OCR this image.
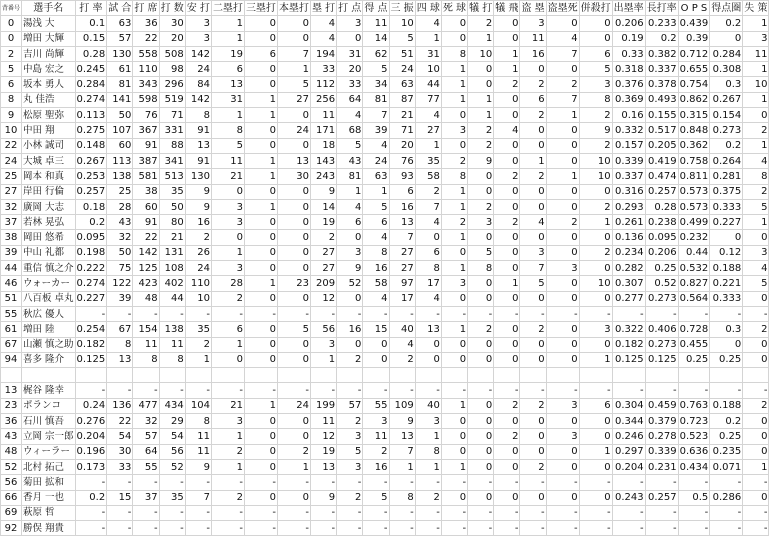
背番号	選手名	打 率	試 合	打 席	打 数	安 打	二塁打	三塁打	本塁打	塁 打	打 点	得 点	三 振	四 球	死 球	犠 打	犠 飛	盗 塁	盗塁死	併殺打	出塁率	長打率	O P S	得点圏	失 策
0	湯浅 大	0.1	63	36	30	3	1	0	0	4	3	11	10	4	0	2	0	3	0	0	0.206	0.233	0.439	0.2	1
0	増田 大輝	0.15	57	22	20	3	1	0	0	4	0	14	5	1	0	1	0	11	4	0	0.19	0.2	0.39	0	3
2	吉川 尚輝	0.28	130	558	508	142	19	6	7	194	31	62	51	31	8	10	1	16	7	6	0.33	0.382	0.712	0.284	11
5	中島 宏之	0.245	61	110	98	24	6	0	1	33	20	5	24	10	1	0	1	0	0	5	0.318	0.337	0.655	0.308	1
6	坂本 勇人	0.284	81	343	296	84	13	0	5	112	33	34	63	44	1	0	2	2	2	3	0.376	0.378	0.754	0.3	10
8	丸 佳浩	0.274	141	598	519	142	31	1	27	256	64	81	87	77	1	1	0	6	7	8	0.369	0.493	0.862	0.267	1
9	松原 聖弥	0.113	50	76	71	8	1	1	0	11	4	7	21	4	0	1	0	2	1	2	0.16	0.155	0.315	0.154	0
10	中田 翔	0.275	107	367	331	91	8	0	24	171	68	39	71	27	3	2	4	0	0	9	0.332	0.517	0.848	0.273	2
22	小林 誠司	0.148	60	91	88	13	5	0	0	18	5	4	20	1	0	2	0	0	0	2	0.157	0.205	0.362	0.2	1
24	大城 卓三	0.267	113	387	341	91	11	1	13	143	43	24	76	35	2	9	0	1	0	10	0.339	0.419	0.758	0.264	4
25	岡本 和真	0.253	138	581	513	130	21	1	30	243	81	63	93	58	8	0	2	2	1	10	0.337	0.474	0.811	0.281	8
27	岸田 行倫	0.257	25	38	35	9	0	0	0	9	1	1	6	2	1	0	0	0	0	0	0.316	0.257	0.573	0.375	2
32	廣岡 大志	0.18	28	60	50	9	3	1	0	14	4	5	16	7	1	2	0	0	0	2	0.293	0.28	0.573	0.333	5
37	若林 晃弘	0.2	43	91	80	16	3	0	0	19	6	6	13	4	2	3	2	4	2	1	0.261	0.238	0.499	0.227	1
38	岡田 悠希	0.095	32	22	21	2	0	0	0	2	0	4	7	0	1	0	0	0	0	0	0.136	0.095	0.232	0	0
39	中山 礼都	0.198	50	142	131	26	1	0	0	27	3	8	27	6	0	5	0	3	0	2	0.234	0.206	0.44	0.12	3
44	重信 慎之介	0.222	75	125	108	24	3	0	0	27	9	16	27	8	1	8	0	7	3	0	0.282	0.25	0.532	0.188	4
46	ウォーカー	0.274	122	423	402	110	28	1	23	209	52	58	97	17	3	0	1	5	0	10	0.307	0.52	0.827	0.221	5
51	八百板 卓丸	0.227	39	48	44	10	2	0	0	12	0	4	17	4	0	0	0	0	0	0	0.277	0.273	0.564	0.333	0
55	秋広 優人	-	-	-	-	-	-	-	-	-	-	-	-	-	-	-	-	-	-	-	-	-	-	-	-
61	増田 陸	0.254	67	154	138	35	6	0	5	56	16	15	40	13	1	2	0	2	0	3	0.322	0.406	0.728	0.3	2
67	山瀬 慎之助	0.182	8	11	11	2	1	0	0	3	0	0	4	0	0	0	0	0	0	0	0.182	0.273	0.455	0	0
94	喜多 隆介	0.125	13	8	8	1	0	0	0	1	2	0	2	0	0	0	0	0	0	1	0.125	0.125	0.25	0.25	0

13	梶谷 隆幸	-	-	-	-	-	-	-	-	-	-	-	-	-	-	-	-	-	-	-	-	-	-	-	-
23	ポランコ	0.24	136	477	434	104	21	1	24	199	57	55	109	40	1	0	2	2	3	6	0.304	0.459	0.763	0.188	2
36	石川 慎吾	0.276	22	32	29	8	3	0	0	11	2	3	9	3	0	0	0	0	0	0	0.344	0.379	0.723	0.2	0
43	立岡 宗一郎	0.204	54	57	54	11	1	0	0	12	3	11	13	1	0	0	2	0	3	0	0.246	0.278	0.523	0.25	0
48	ウィーラー	0.196	30	64	56	11	2	0	2	19	5	2	7	8	0	0	0	0	0	1	0.297	0.339	0.636	0.235	0
52	北村 拓己	0.173	33	55	52	9	1	0	1	13	3	16	1	1	1	0	0	2	0	0	0.204	0.231	0.434	0.071	1
56	菊田 拡和	-	-	-	-	-	-	-	-	-	-	-	-	-	-	-	-	-	-	-	-	-	-	-	-
66	香月 一也	0.2	15	37	35	7	2	0	0	9	2	5	8	2	0	0	0	0	0	0	0.243	0.257	0.5	0.286	0
69	萩原 哲	-	-	-	-	-	-	-	-	-	-	-	-	-	-	-	-	-	-	-	-	-	-	-	-
92	勝俣 翔貴	-	-	-	-	-	-	-	-	-	-	-	-	-	-	-	-	-	-	-	-	-	-	-	-
